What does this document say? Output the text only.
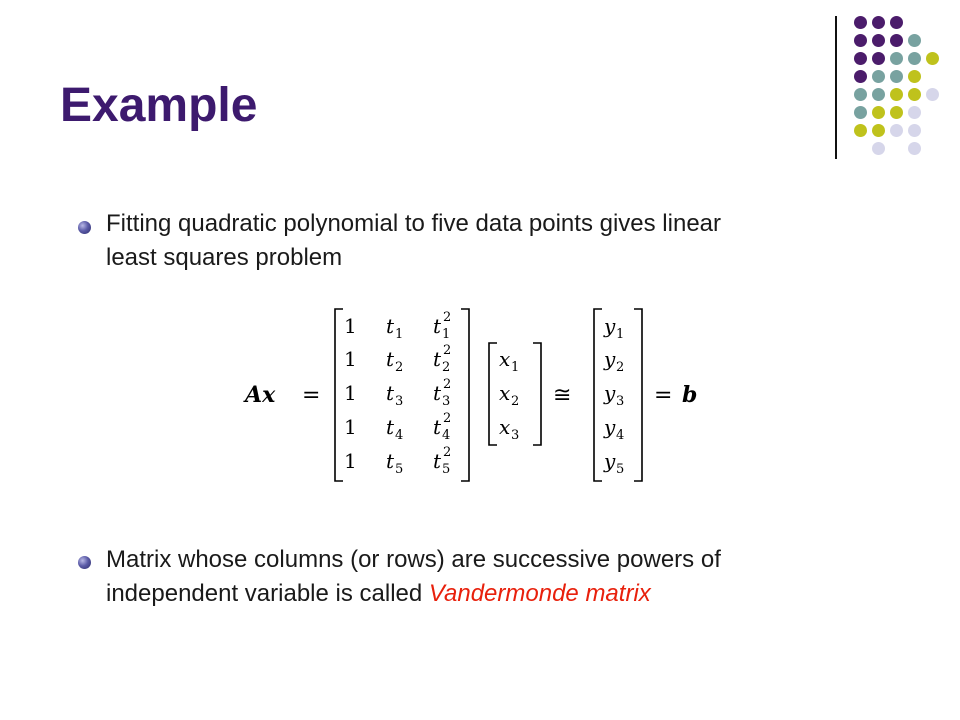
Example

Fitting quadratic polynomial to five data points gives linear
least squares problem

Ax =
1 t 1 t 1
2
1 t 2 t 2
2
1 t 3 t 3
2
1 t 4 t 4
2
1 t 5 t 5
2
x 1
x 2
x 3
≅
y 1
y 2
y 3
y 4
y 5
= b

Matrix whose columns (or rows) are successive powers of
independent variable is called Vandermonde matrix
